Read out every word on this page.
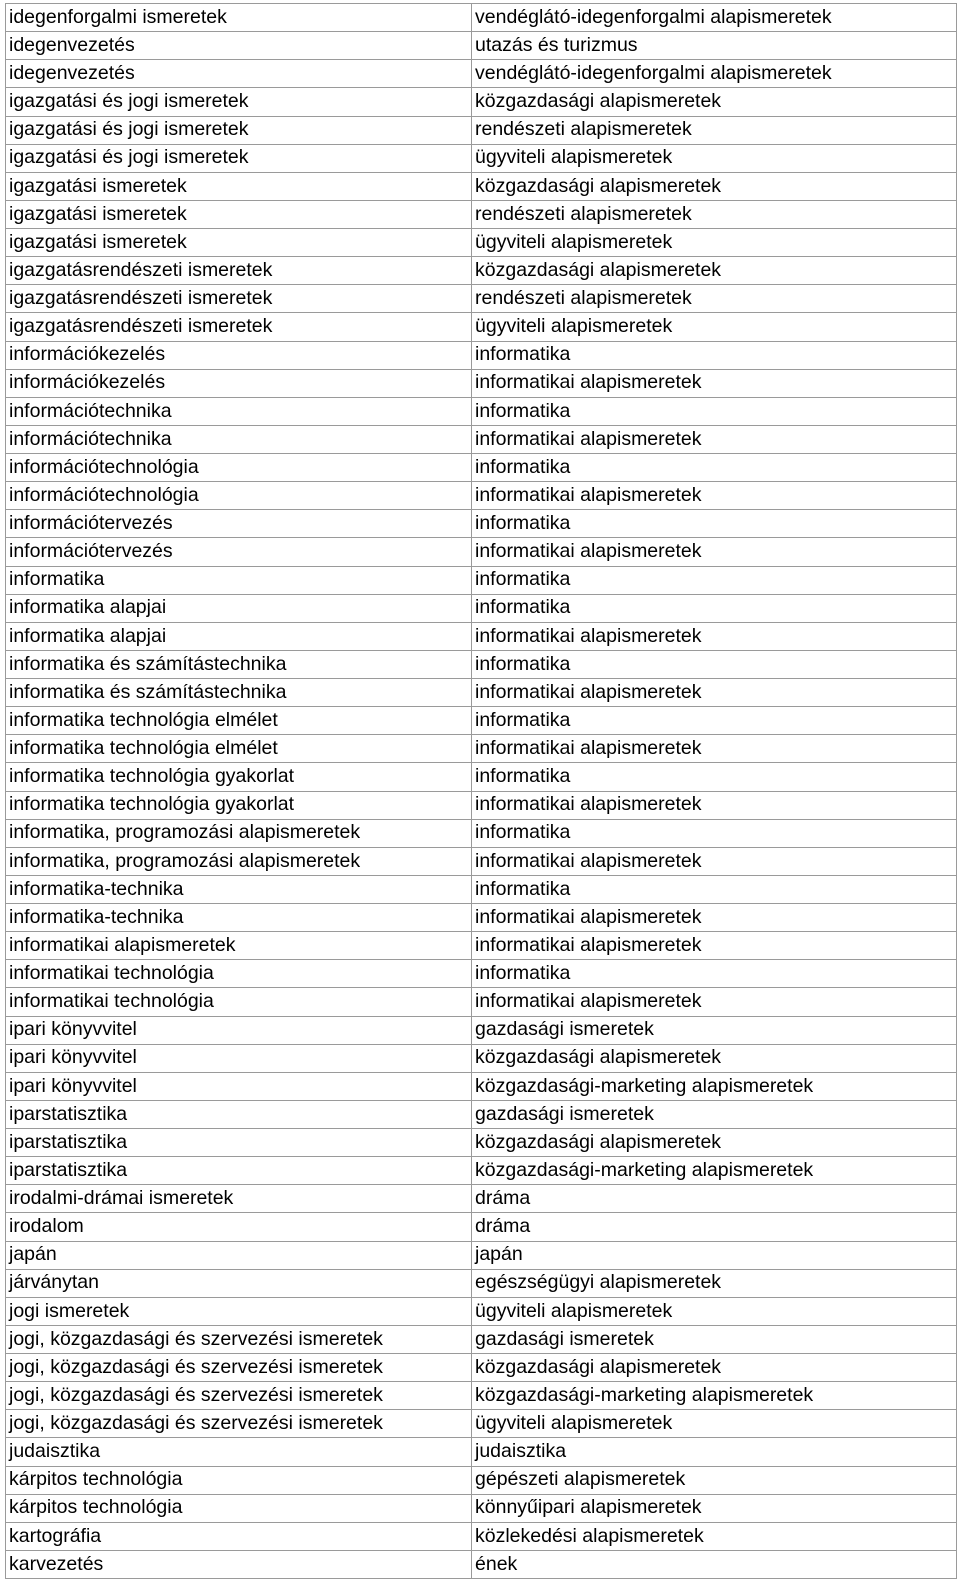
idegenforgalmi ismeretek	vendéglátó-idegenforgalmi alapismeretek
idegenvezetés	utazás és turizmus
idegenvezetés	vendéglátó-idegenforgalmi alapismeretek
igazgatási és jogi ismeretek	közgazdasági alapismeretek
igazgatási és jogi ismeretek	rendészeti alapismeretek
igazgatási és jogi ismeretek	ügyviteli alapismeretek
igazgatási ismeretek	közgazdasági alapismeretek
igazgatási ismeretek	rendészeti alapismeretek
igazgatási ismeretek	ügyviteli alapismeretek
igazgatásrendészeti ismeretek	közgazdasági alapismeretek
igazgatásrendészeti ismeretek	rendészeti alapismeretek
igazgatásrendészeti ismeretek	ügyviteli alapismeretek
információkezelés	informatika
információkezelés	informatikai alapismeretek
információtechnika	informatika
információtechnika	informatikai alapismeretek
információtechnológia	informatika
információtechnológia	informatikai alapismeretek
információtervezés	informatika
információtervezés	informatikai alapismeretek
informatika	informatika
informatika alapjai	informatika
informatika alapjai	informatikai alapismeretek
informatika és számítástechnika	informatika
informatika és számítástechnika	informatikai alapismeretek
informatika technológia elmélet	informatika
informatika technológia elmélet	informatikai alapismeretek
informatika technológia gyakorlat	informatika
informatika technológia gyakorlat	informatikai alapismeretek
informatika, programozási alapismeretek	informatika
informatika, programozási alapismeretek	informatikai alapismeretek
informatika-technika	informatika
informatika-technika	informatikai alapismeretek
informatikai alapismeretek	informatikai alapismeretek
informatikai technológia	informatika
informatikai technológia	informatikai alapismeretek
ipari könyvvitel	gazdasági ismeretek
ipari könyvvitel	közgazdasági alapismeretek
ipari könyvvitel	közgazdasági-marketing alapismeretek
iparstatisztika	gazdasági ismeretek
iparstatisztika	közgazdasági alapismeretek
iparstatisztika	közgazdasági-marketing alapismeretek
irodalmi-drámai ismeretek	dráma
irodalom	dráma
japán	japán
járványtan	egészségügyi alapismeretek
jogi ismeretek	ügyviteli alapismeretek
jogi, közgazdasági és szervezési ismeretek	gazdasági ismeretek
jogi, közgazdasági és szervezési ismeretek	közgazdasági alapismeretek
jogi, közgazdasági és szervezési ismeretek	közgazdasági-marketing alapismeretek
jogi, közgazdasági és szervezési ismeretek	ügyviteli alapismeretek
judaisztika	judaisztika
kárpitos technológia	gépészeti alapismeretek
kárpitos technológia	könnyűipari alapismeretek
kartográfia	közlekedési alapismeretek
karvezetés	ének
